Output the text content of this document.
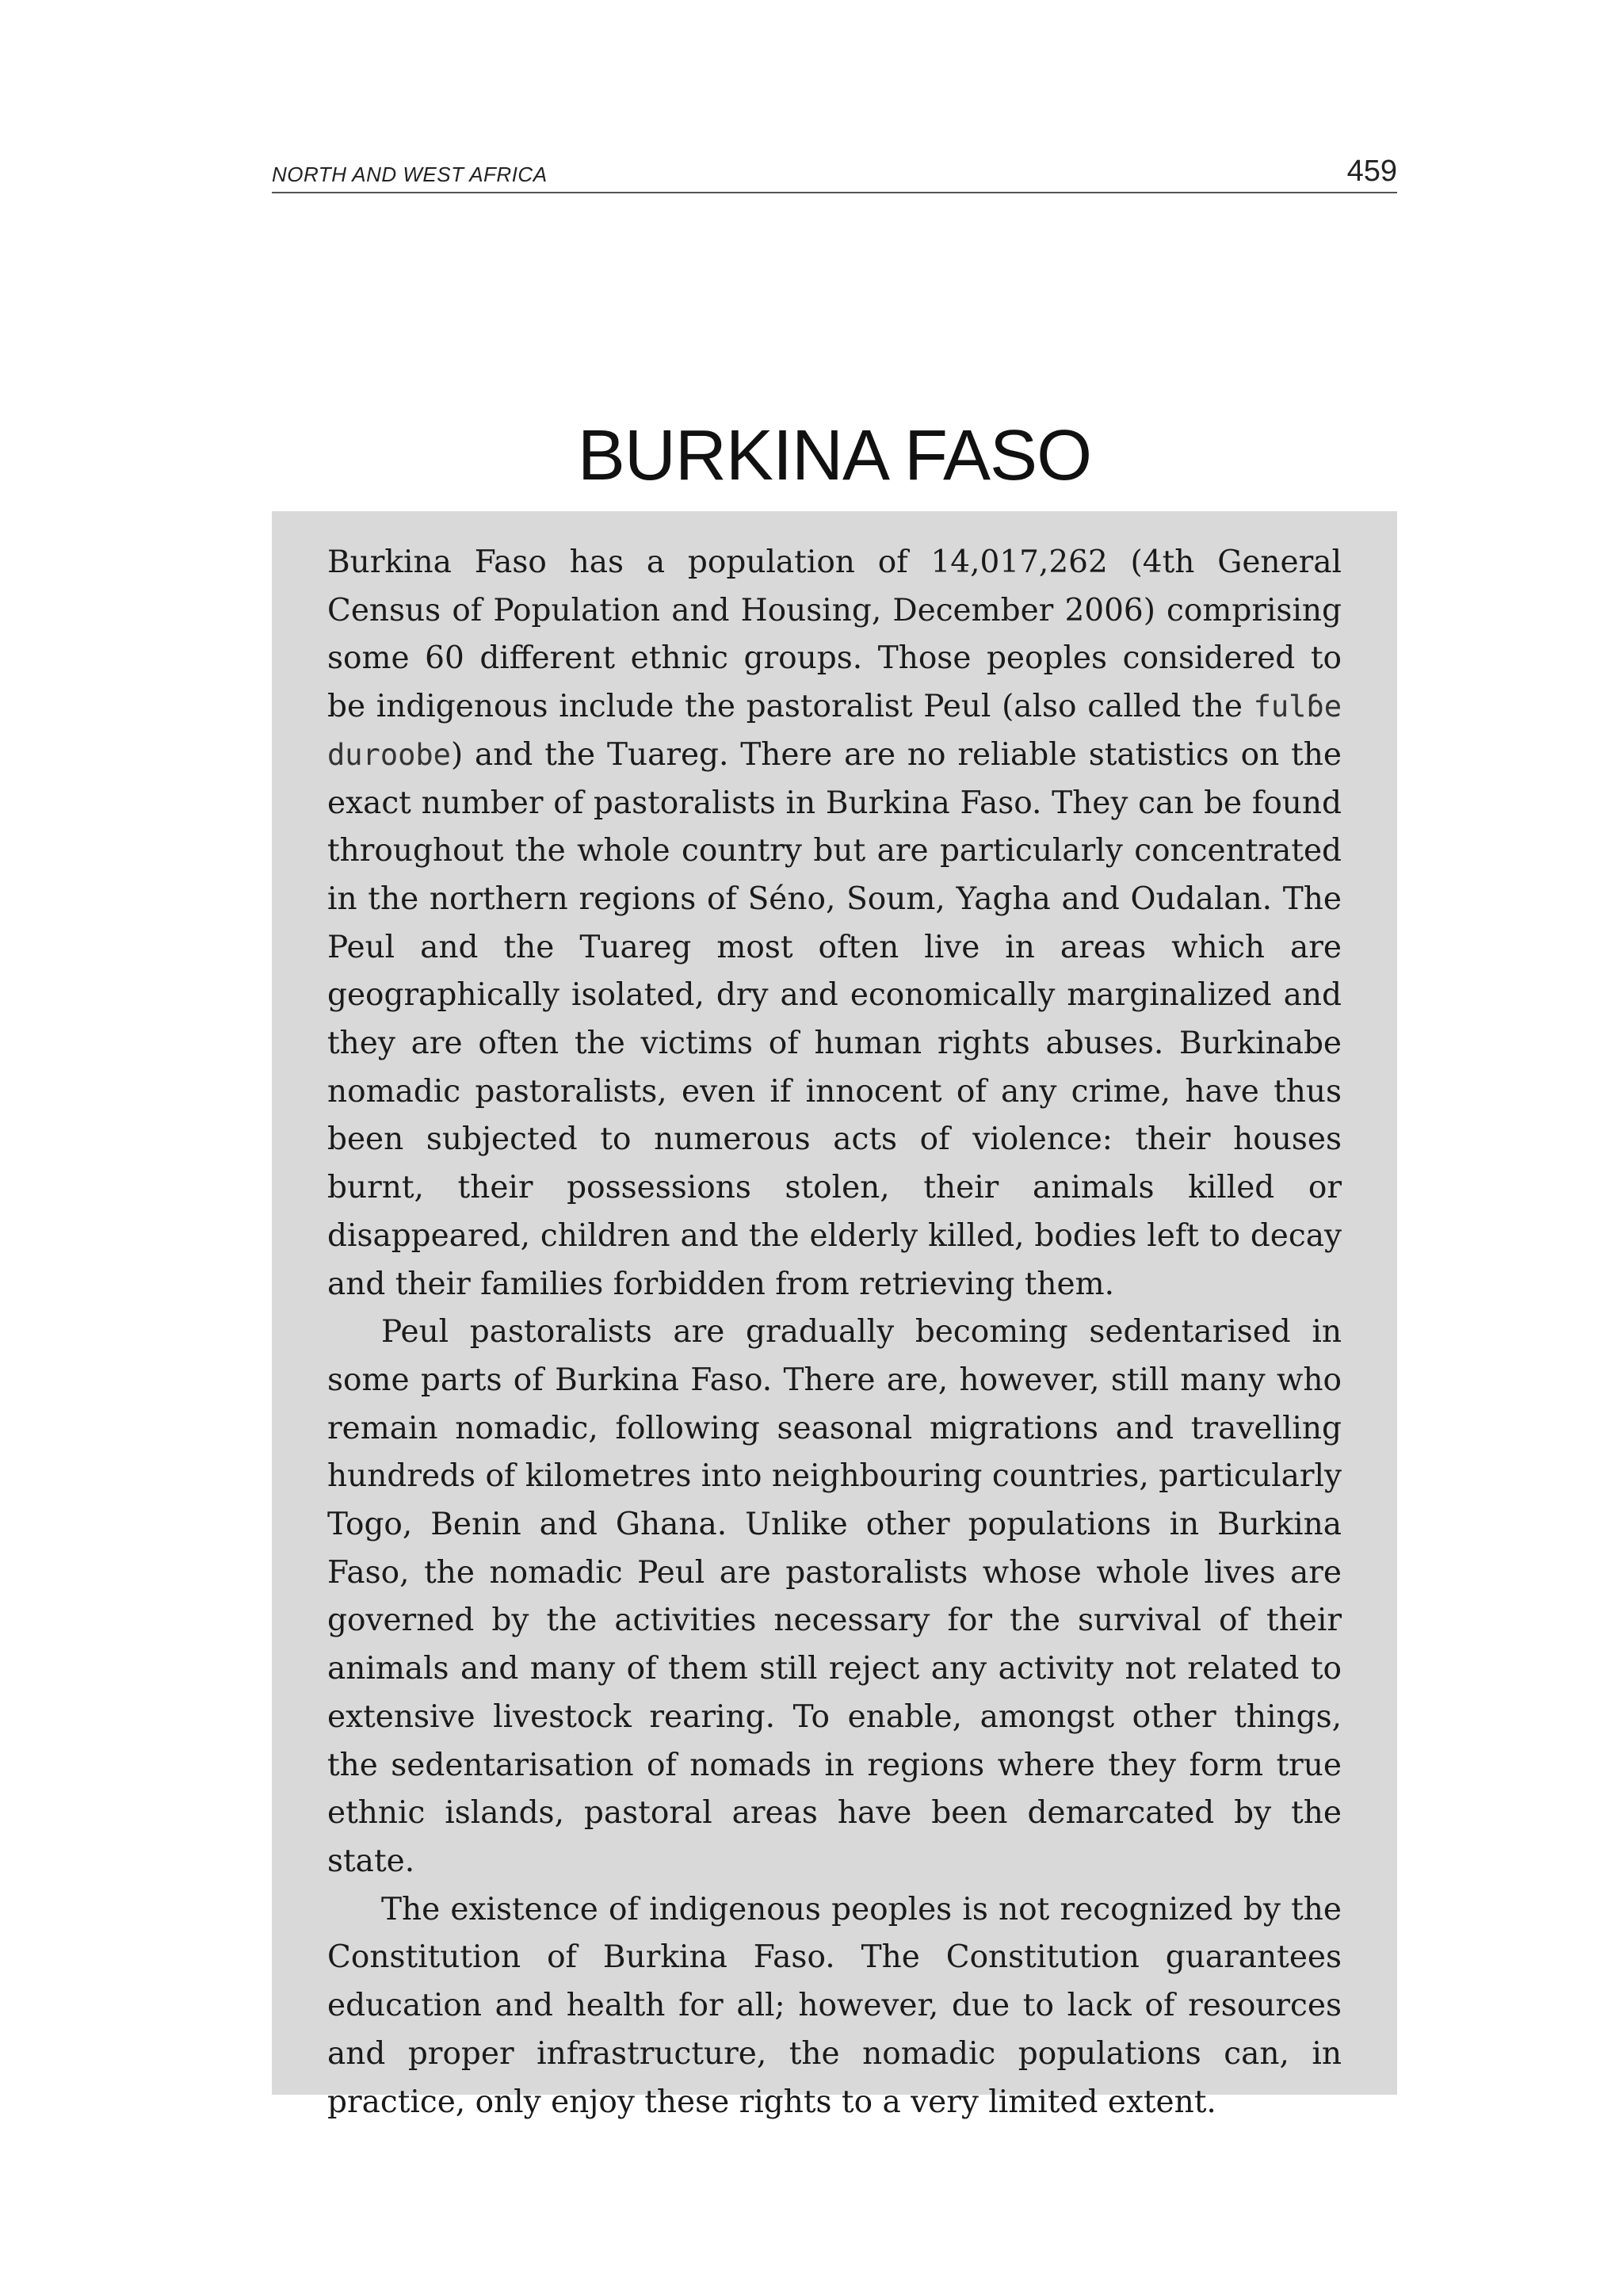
NORTH AND WEST AFRICA	459
BURKINA FASO

Burkina Faso has a population of 14,017,262 (4th General Census of Population and Housing, December 2006) comprising some 60 different ethnic groups. Those peoples considered to be indigenous include the pastoralist Peul (also called the fulɓe duroobe) and the Tuareg. There are no reliable statistics on the exact number of pastoralists in Burkina Faso. They can be found throughout the whole country but are particularly concentrated in the northern regions of Séno, Soum, Yagha and Oudalan. The Peul and the Tuareg most often live in areas which are geographically isolated, dry and economically marginalized and they are often the victims of human rights abuses. Burkinabe nomadic pastoralists, even if innocent of any crime, have thus been subjected to numerous acts of violence: their houses burnt, their possessions stolen, their animals killed or disappeared, children and the elderly killed, bodies left to decay and their families forbidden from retrieving them.

Peul pastoralists are gradually becoming sedentarised in some parts of Burkina Faso. There are, however, still many who remain nomadic, following seasonal migrations and travelling hundreds of kilometres into neighbouring countries, particularly Togo, Benin and Ghana. Unlike other populations in Burkina Faso, the nomadic Peul are pastoralists whose whole lives are governed by the activities necessary for the survival of their animals and many of them still reject any activity not related to extensive livestock rearing. To enable, amongst other things, the sedentarisation of nomads in regions where they form true ethnic islands, pastoral areas have been demarcated by the state.

The existence of indigenous peoples is not recognized by the Constitution of Burkina Faso. The Constitution guarantees education and health for all; however, due to lack of resources and proper infrastructure, the nomadic populations can, in practice, only enjoy these rights to a very limited extent.
